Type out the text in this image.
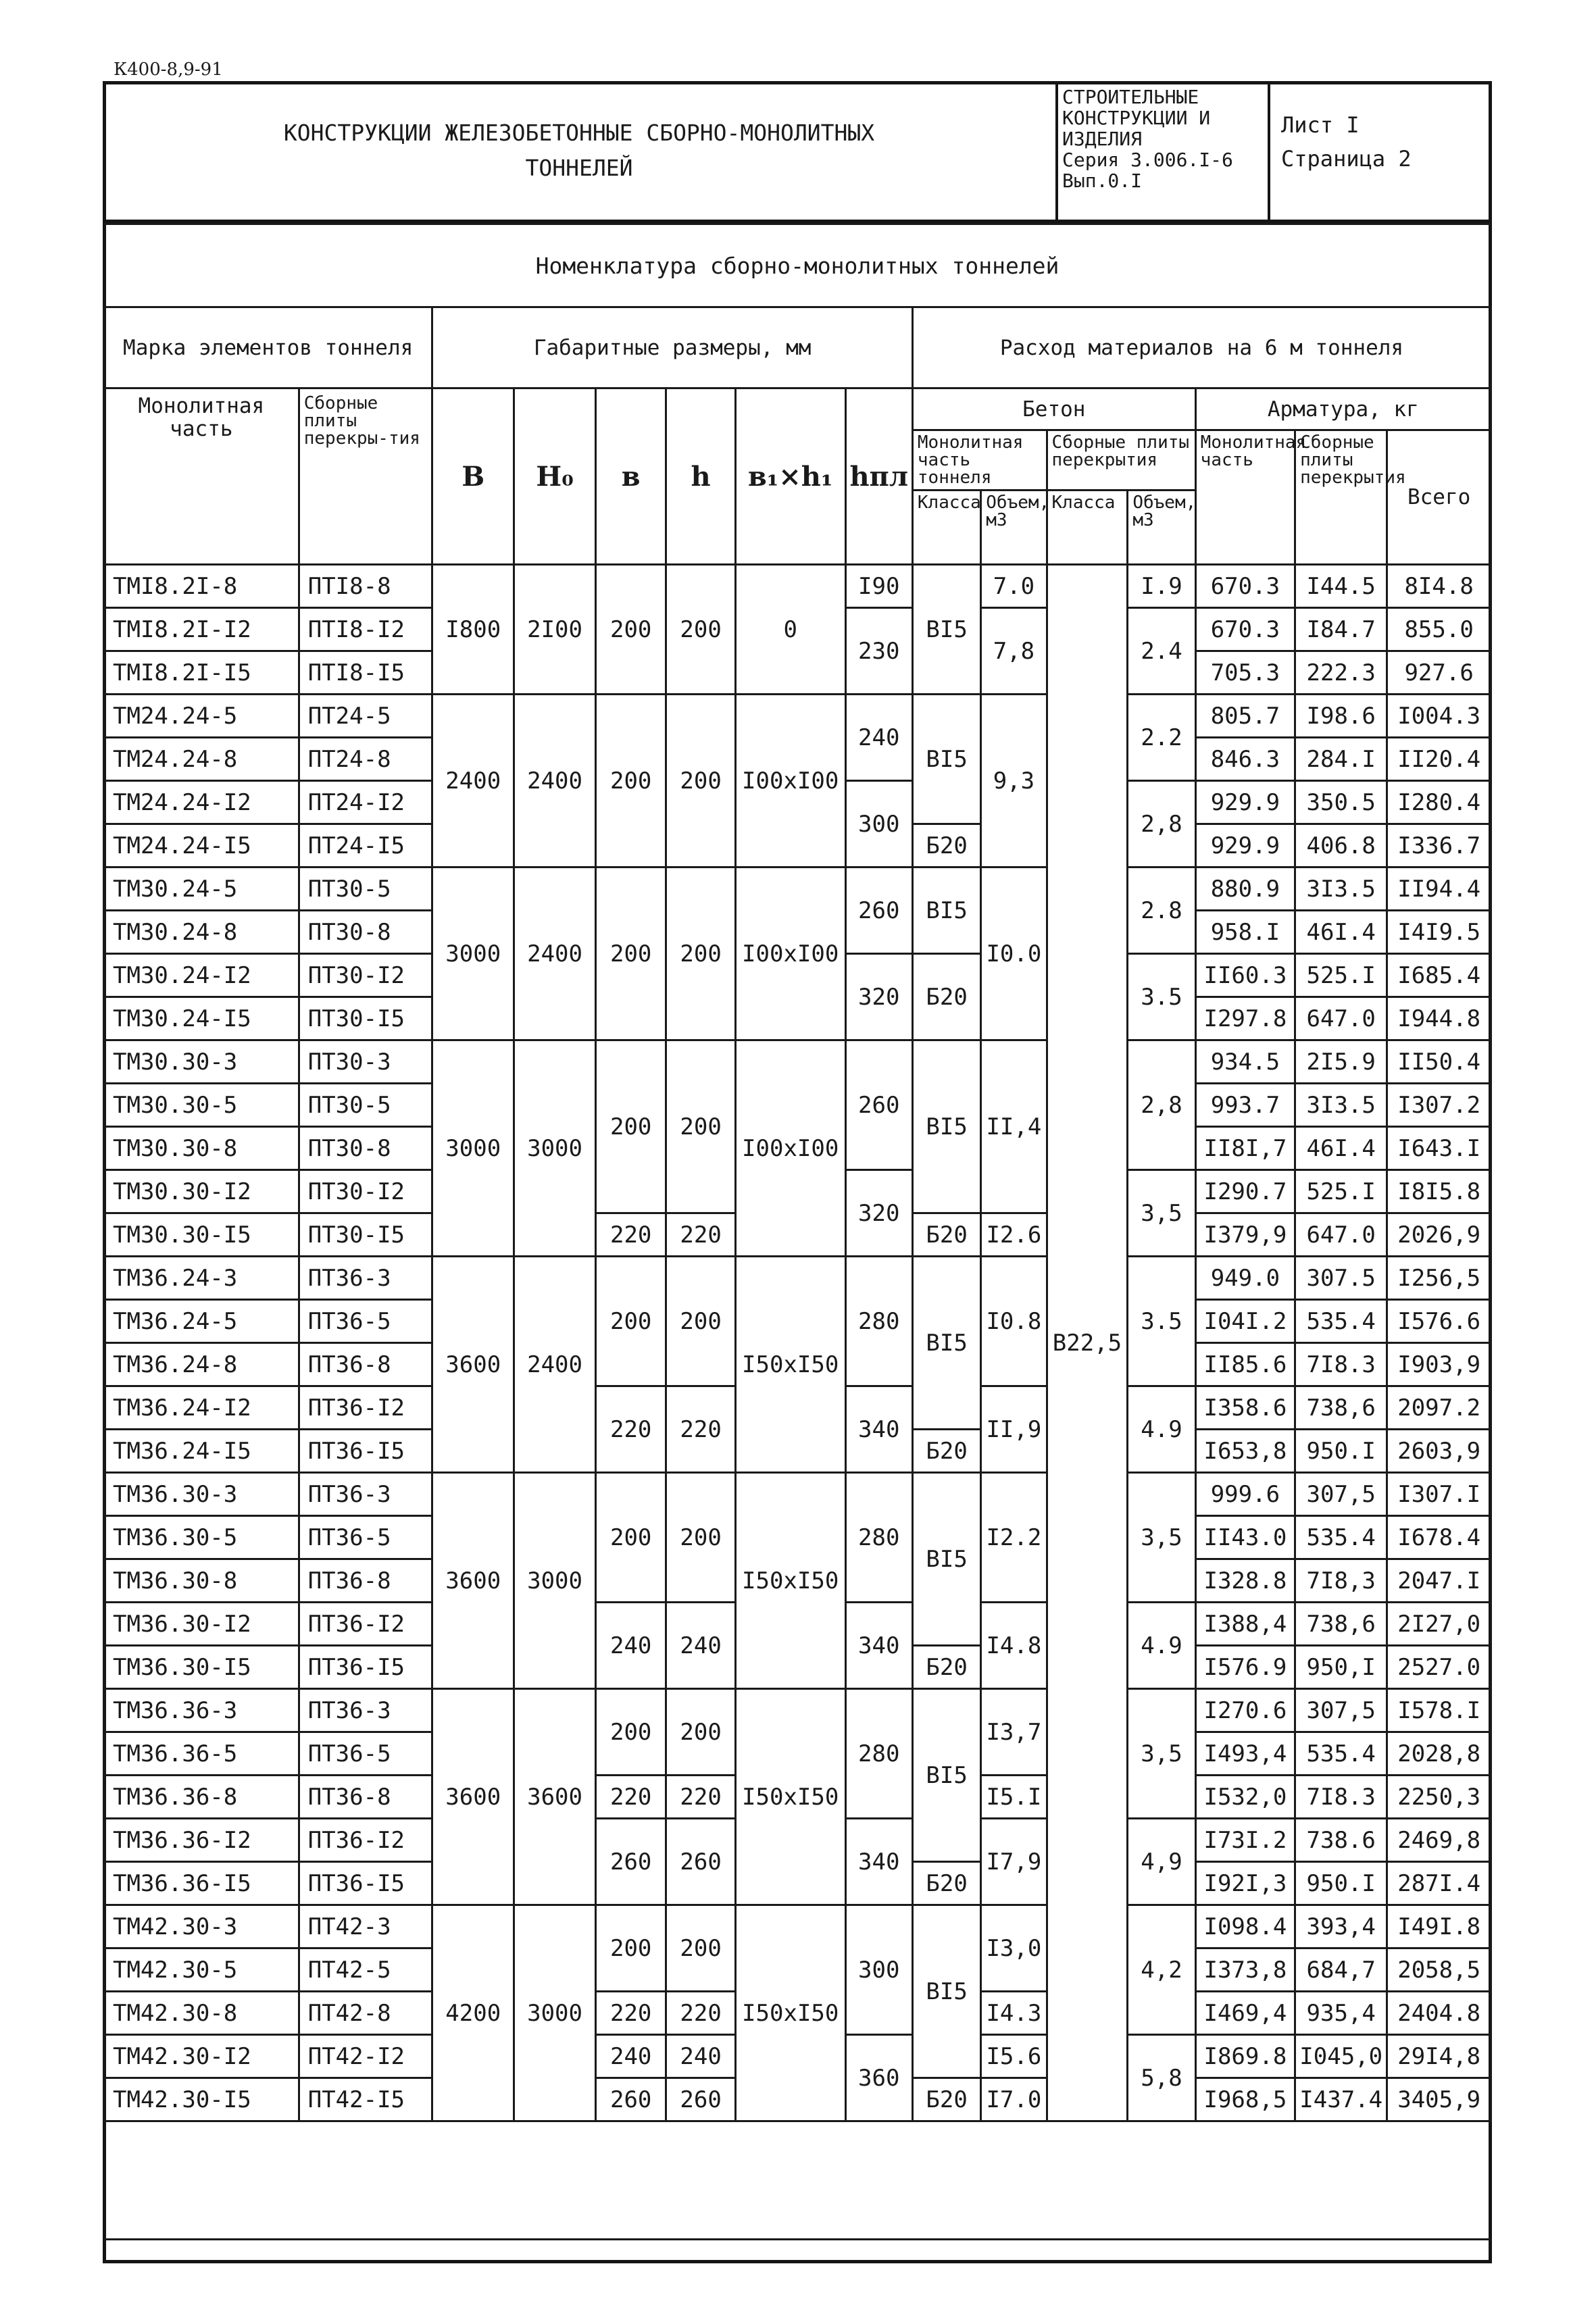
К400-8,9-91
КОНСТРУКЦИИ ЖЕЛЕЗОБЕТОННЫЕ СБОРНО-МОНОЛИТНЫХ
ТОННЕЛЕЙ
СТРОИТЕЛЬНЫЕ
КОНСТРУКЦИИ И
ИЗДЕЛИЯ
Серия 3.006.I-6
Вып.0.I
Лист I
Страница 2
Номенклатура сборно-монолитных тоннелей														
Марка элементов тоннеля		Габаритные размеры, мм						Расход материалов на 6 м тоннеля						
Монолитная часть	Сборные плиты перекры-тия	B	H₀	в	h	в₁×h₁	hпл	Бетон				Арматура, кг		
								Монолитная часть тоннеля		Сборные плиты перекрытия		Монолитная часть	Сборные плиты перекрытия	Всего
								Класса	Объем, м3	Класса	Объем, м3			
ТМI8.2I-8	ПТI8-8	I800	2I00	200	200	0	I90	BI5	7.0	В22,5	I.9	670.3	I44.5	8I4.8
ТМI8.2I-I2	ПТI8-I2						230		7,8		2.4	670.3	I84.7	855.0
ТМI8.2I-I5	ПТI8-I5											705.3	222.3	927.6
ТМ24.24-5	ПТ24-5	2400	2400	200	200	I00xI00	240	BI5	9,3		2.2	805.7	I98.6	I004.3
ТМ24.24-8	ПТ24-8											846.3	284.I	II20.4
ТМ24.24-I2	ПТ24-I2						300				2,8	929.9	350.5	I280.4
ТМ24.24-I5	ПТ24-I5							Б20				929.9	406.8	I336.7
ТМ30.24-5	ПТ30-5	3000	2400	200	200	I00xI00	260	BI5	I0.0		2.8	880.9	3I3.5	II94.4
ТМ30.24-8	ПТ30-8											958.I	46I.4	I4I9.5
ТМ30.24-I2	ПТ30-I2						320	Б20			3.5	II60.3	525.I	I685.4
ТМ30.24-I5	ПТ30-I5											I297.8	647.0	I944.8
ТМ30.30-3	ПТ30-3	3000	3000	200	200	I00xI00	260	BI5	II,4		2,8	934.5	2I5.9	II50.4
ТМ30.30-5	ПТ30-5											993.7	3I3.5	I307.2
ТМ30.30-8	ПТ30-8											II8I,7	46I.4	I643.I
ТМ30.30-I2	ПТ30-I2						320				3,5	I290.7	525.I	I8I5.8
ТМ30.30-I5	ПТ30-I5			220	220			Б20	I2.6			I379,9	647.0	2026,9
ТМ36.24-3	ПТ36-3	3600	2400	200	200	I50xI50	280	BI5	I0.8		3.5	949.0	307.5	I256,5
ТМ36.24-5	ПТ36-5											I04I.2	535.4	I576.6
ТМ36.24-8	ПТ36-8											II85.6	7I8.3	I903,9
ТМ36.24-I2	ПТ36-I2			220	220		340		II,9		4.9	I358.6	738,6	2097.2
ТМ36.24-I5	ПТ36-I5							Б20				I653,8	950.I	2603,9
ТМ36.30-3	ПТ36-3	3600	3000	200	200	I50xI50	280	BI5	I2.2		3,5	999.6	307,5	I307.I
ТМ36.30-5	ПТ36-5											II43.0	535.4	I678.4
ТМ36.30-8	ПТ36-8											I328.8	7I8,3	2047.I
ТМ36.30-I2	ПТ36-I2			240	240		340		I4.8		4.9	I388,4	738,6	2I27,0
ТМ36.30-I5	ПТ36-I5							Б20				I576.9	950,I	2527.0
ТМ36.36-3	ПТ36-3	3600	3600	200	200	I50xI50	280	BI5	I3,7		3,5	I270.6	307,5	I578.I
ТМ36.36-5	ПТ36-5											I493,4	535.4	2028,8
ТМ36.36-8	ПТ36-8			220	220				I5.I			I532,0	7I8.3	2250,3
ТМ36.36-I2	ПТ36-I2			260	260		340		I7,9		4,9	I73I.2	738.6	2469,8
ТМ36.36-I5	ПТ36-I5							Б20				I92I,3	950.I	287I.4
ТМ42.30-3	ПТ42-3	4200	3000	200	200	I50xI50	300	BI5	I3,0		4,2	I098.4	393,4	I49I.8
ТМ42.30-5	ПТ42-5											I373,8	684,7	2058,5
ТМ42.30-8	ПТ42-8			220	220				I4.3			I469,4	935,4	2404.8
ТМ42.30-I2	ПТ42-I2			240	240		360		I5.6		5,8	I869.8	I045,0	29I4,8
ТМ42.30-I5	ПТ42-I5			260	260			Б20	I7.0			I968,5	I437.4	3405,9
